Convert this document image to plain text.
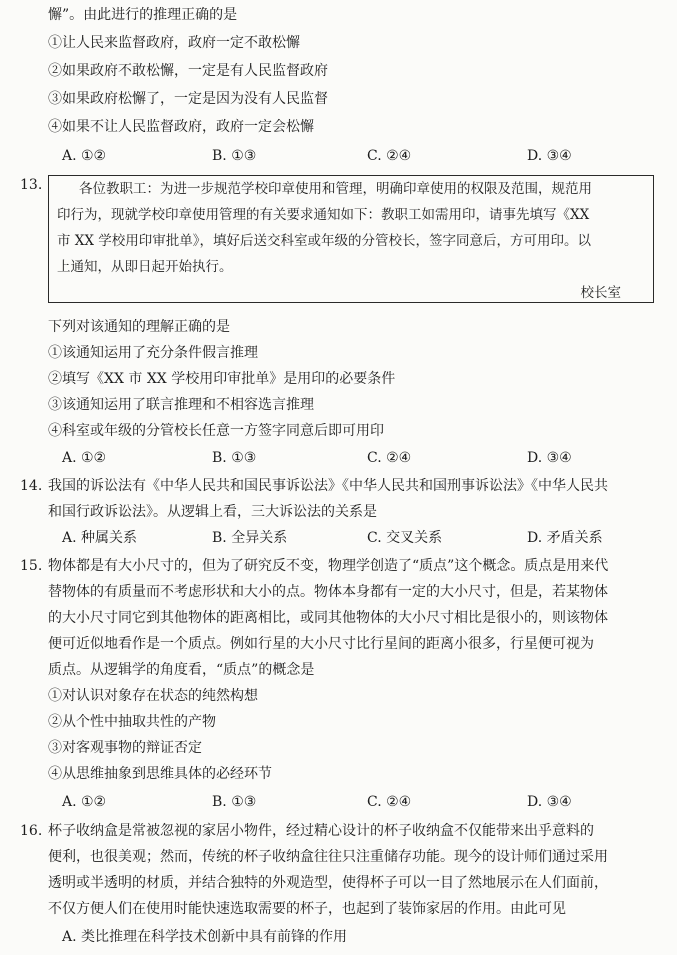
懈”。由此进行的推理正确的是
①让人民来监督政府，政府一定不敢松懈
②如果政府不敢松懈，一定是有人民监督政府
③如果政府松懈了，一定是因为没有人民监督
④如果不让人民监督政府，政府一定会松懈
A. ①②	B. ①③	C. ②④	D. ③④
13.	各位教职工：为进一步规范学校印章使用和管理，明确印章使用的权限及范围，规范用
印行为，现就学校印章使用管理的有关要求通知如下：教职工如需用印，请事先填写《XX
市 XX 学校用印审批单》，填好后送交科室或年级的分管校长，签字同意后，方可用印。以
上通知，从即日起开始执行。
校长室
下列对该通知的理解正确的是
①该通知运用了充分条件假言推理
②填写《XX 市 XX 学校用印审批单》是用印的必要条件
③该通知运用了联言推理和不相容选言推理
④科室或年级的分管校长任意一方签字同意后即可用印
A. ①②	B. ①③	C. ②④	D. ③④
14. 我国的诉讼法有《中华人民共和国民事诉讼法》《中华人民共和国刑事诉讼法》《中华人民共
和国行政诉讼法》。从逻辑上看，三大诉讼法的关系是
A. 种属关系	B. 全异关系	C. 交叉关系	D. 矛盾关系
15. 物体都是有大小尺寸的，但为了研究反不变，物理学创造了“质点”这个概念。质点是用来代
替物体的有质量而不考虑形状和大小的点。物体本身都有一定的大小尺寸，但是，若某物体
的大小尺寸同它到其他物体的距离相比，或同其他物体的大小尺寸相比是很小的，则该物体
便可近似地看作是一个质点。例如行星的大小尺寸比行星间的距离小很多，行星便可视为
质点。从逻辑学的角度看，“质点”的概念是
①对认识对象存在状态的纯然构想
②从个性中抽取共性的产物
③对客观事物的辩证否定
④从思维抽象到思维具体的必经环节
A. ①②	B. ①③	C. ②④	D. ③④
16. 杯子收纳盒是常被忽视的家居小物件，经过精心设计的杯子收纳盒不仅能带来出乎意料的
便利，也很美观；然而，传统的杯子收纳盒往往只注重储存功能。现今的设计师们通过采用
透明或半透明的材质，并结合独特的外观造型，使得杯子可以一目了然地展示在人们面前，
不仅方便人们在使用时能快速选取需要的杯子，也起到了装饰家居的作用。由此可见
A. 类比推理在科学技术创新中具有前锋的作用
